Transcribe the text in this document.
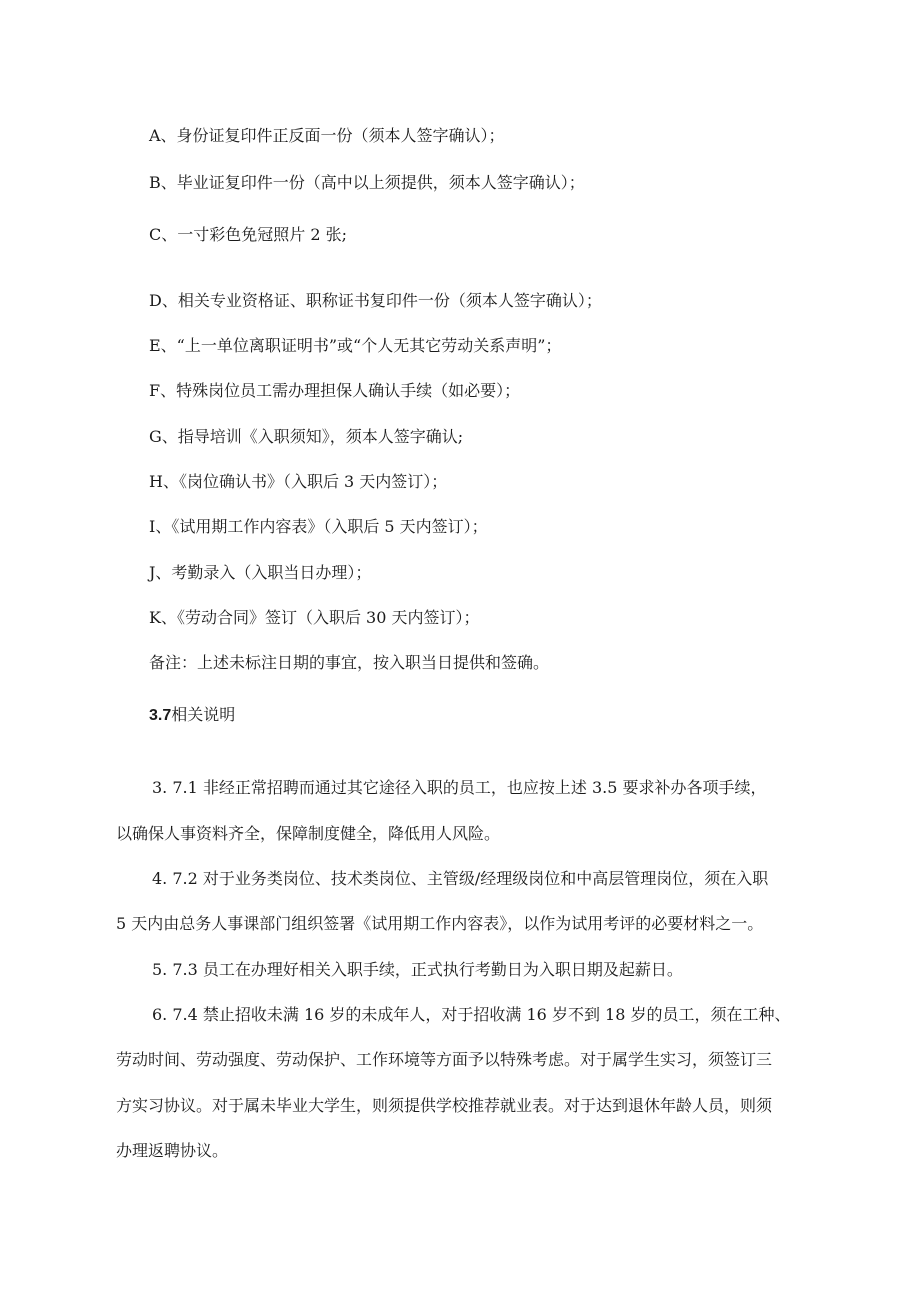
A、身份证复印件正反面一份（须本人签字确认）；
B、毕业证复印件一份（高中以上须提供，须本人签字确认）；
C、一寸彩色免冠照片 2 张;
D、相关专业资格证、职称证书复印件一份（须本人签字确认）；
E、“上一单位离职证明书”或“个人无其它劳动关系声明”；
F、特殊岗位员工需办理担保人确认手续（如必要）；
G、指导培训《入职须知》，须本人签字确认;
H、《岗位确认书》（入职后 3 天内签订）；
I、《试用期工作内容表》（入职后 5 天内签订）；
J、考勤录入（入职当日办理）；
K、《劳动合同》签订（入职后 30 天内签订）；
备注：上述未标注日期的事宜，按入职当日提供和签确。
3.7相关说明
3. 7.1 非经正常招聘而通过其它途径入职的员工，也应按上述 3.5 要求补办各项手续，
以确保人事资料齐全，保障制度健全，降低用人风险。
4. 7.2 对于业务类岗位、技术类岗位、主管级/经理级岗位和中高层管理岗位，须在入职
5 天内由总务人事课部门组织签署《试用期工作内容表》，以作为试用考评的必要材料之一。
5. 7.3 员工在办理好相关入职手续，正式执行考勤日为入职日期及起薪日。
6. 7.4 禁止招收未满 16 岁的未成年人，对于招收满 16 岁不到 18 岁的员工，须在工种、
劳动时间、劳动强度、劳动保护、工作环境等方面予以特殊考虑。对于属学生实习，须签订三
方实习协议。对于属未毕业大学生，则须提供学校推荐就业表。对于达到退休年龄人员，则须
办理返聘协议。
